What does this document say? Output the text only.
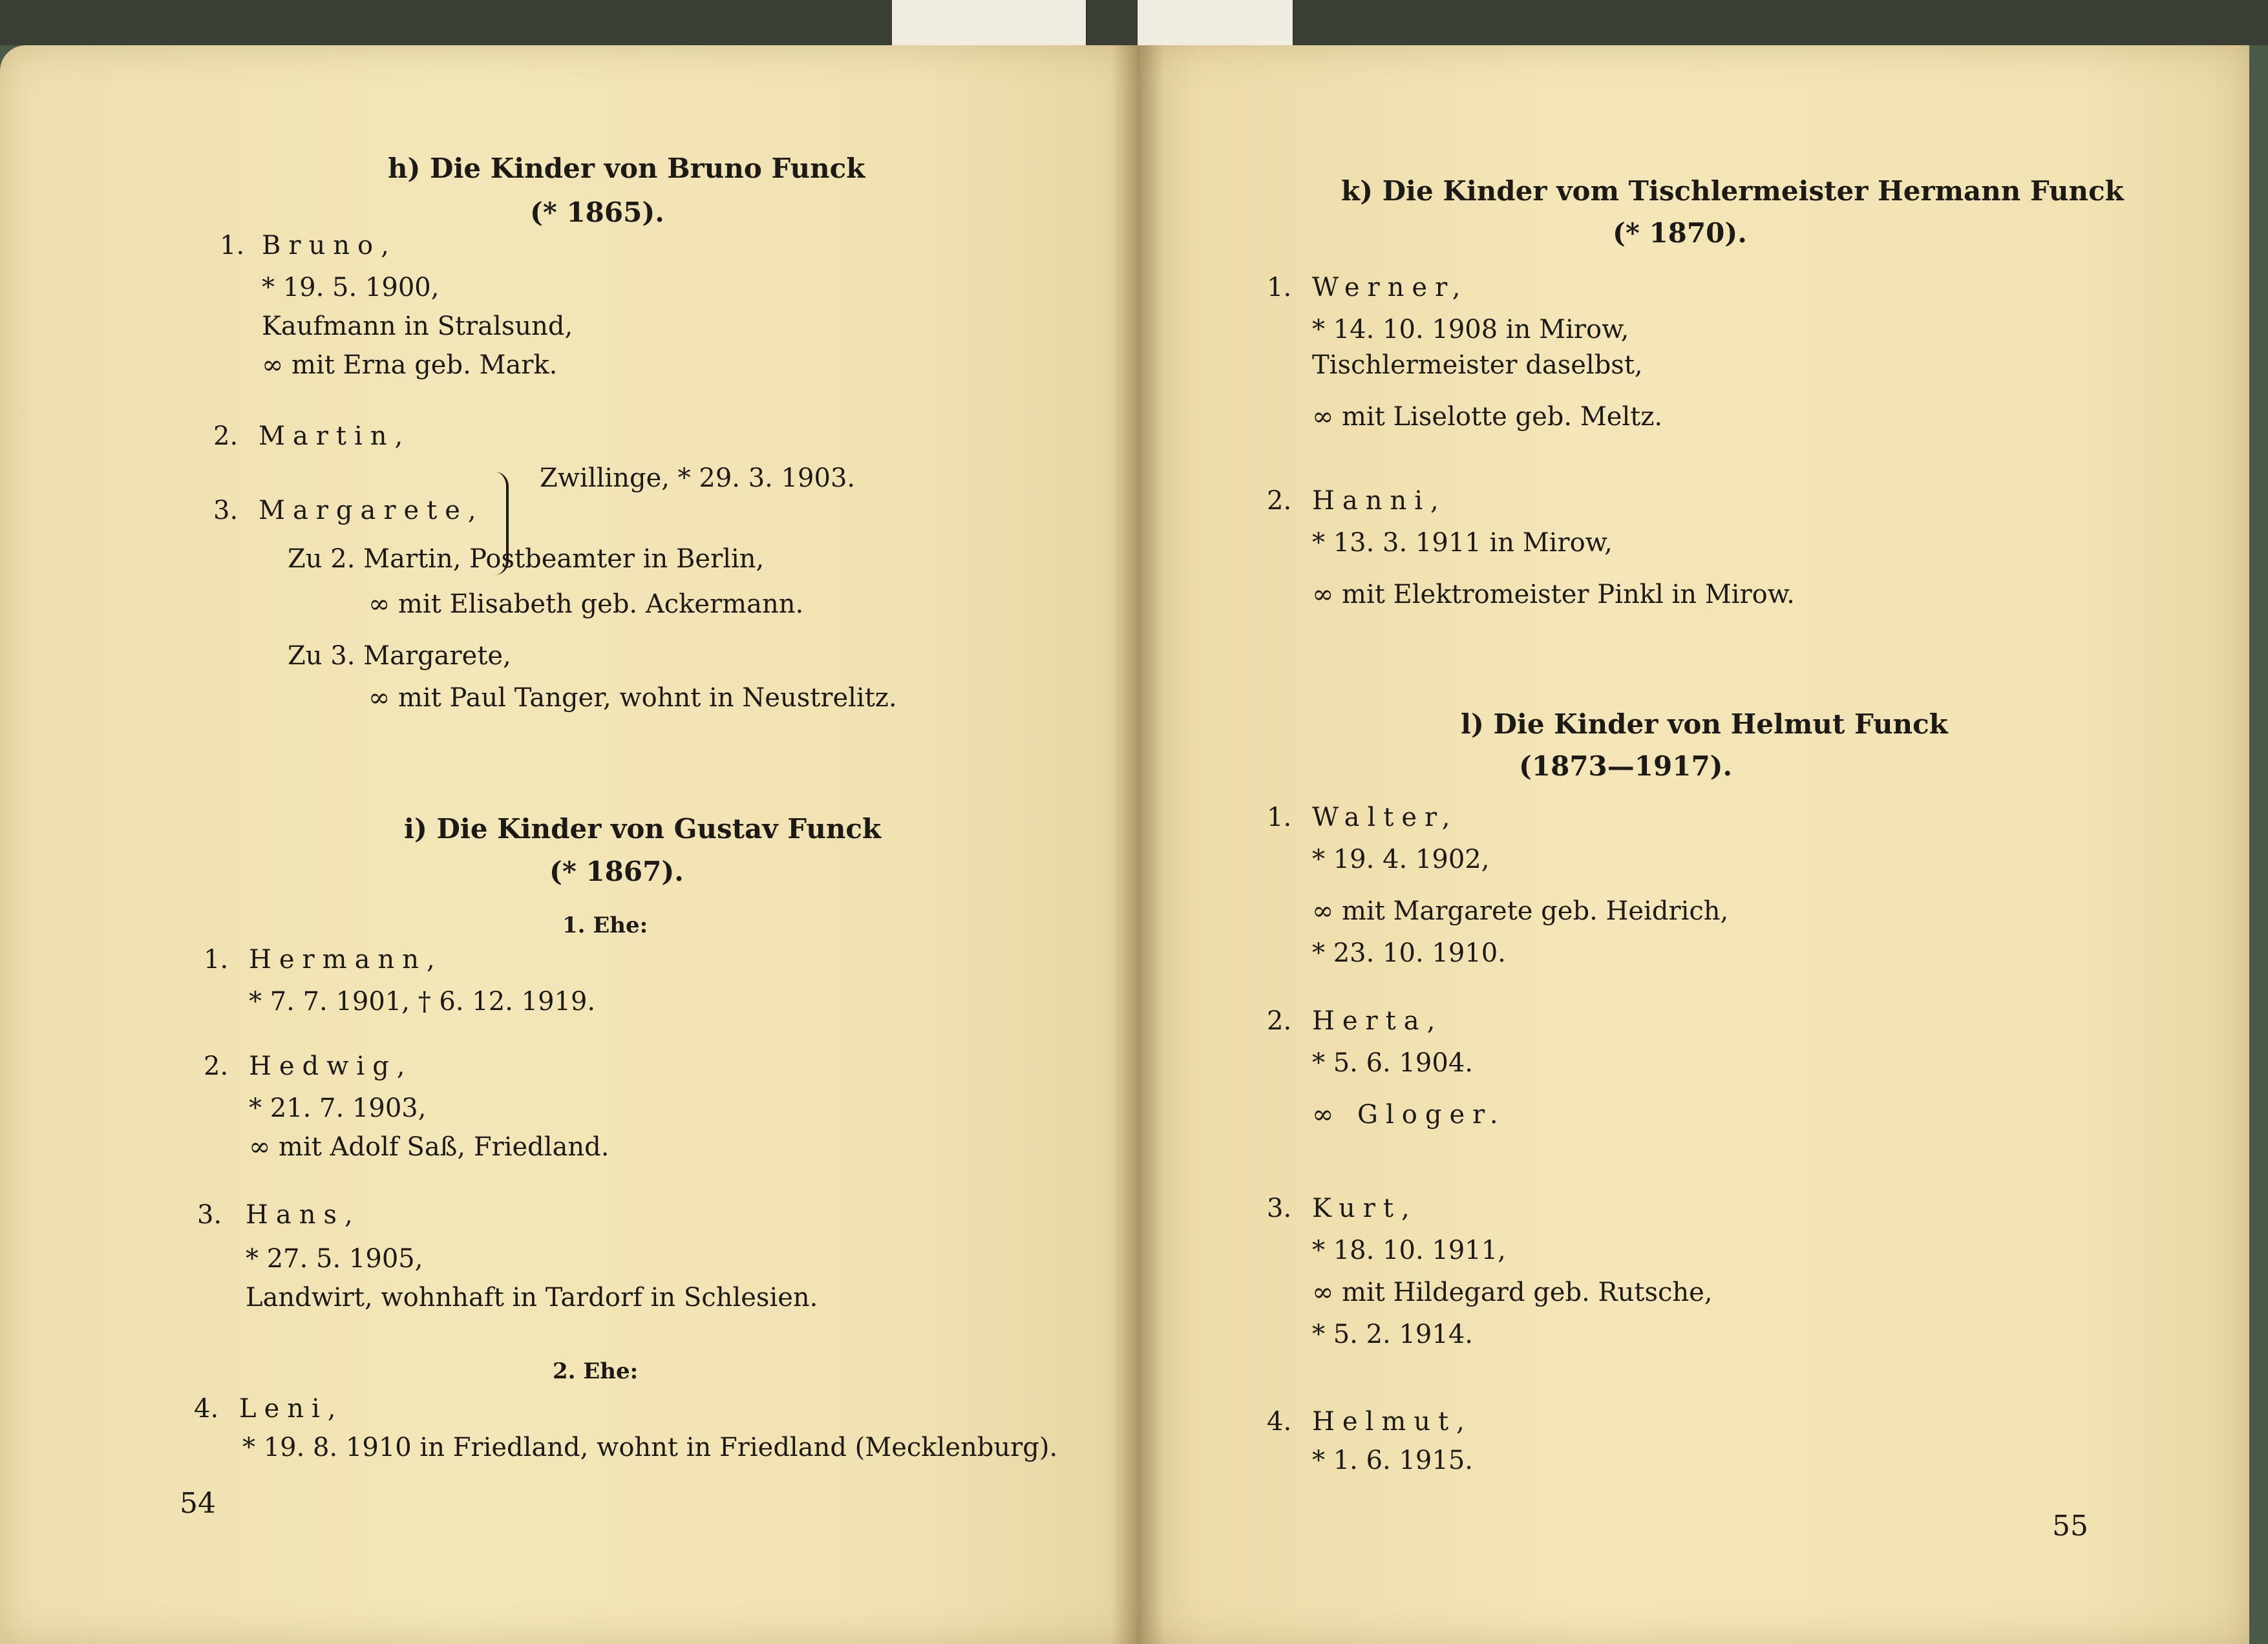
h) Die Kinder von Bruno Funck
(* 1865).
1. Bruno,
* 19. 5. 1900,
Kaufmann in Stralsund,
∞ mit Erna geb. Mark.
2. Martin,
Zwillinge, * 29. 3. 1903.
3. Margarete,
Zu 2. Martin, Postbeamter in Berlin,
∞ mit Elisabeth geb. Ackermann.
Zu 3. Margarete,
∞ mit Paul Tanger, wohnt in Neustrelitz.
i) Die Kinder von Gustav Funck
(* 1867).
1. Ehe:
1. Hermann,
* 7. 7. 1901, † 6. 12. 1919.
2. Hedwig,
* 21. 7. 1903,
∞ mit Adolf Saß, Friedland.
3. Hans,
* 27. 5. 1905,
Landwirt, wohnhaft in Tardorf in Schlesien.
2. Ehe:
4. Leni,
* 19. 8. 1910 in Friedland, wohnt in Friedland (Mecklenburg).
54
k) Die Kinder vom Tischlermeister Hermann Funck
(* 1870).
1. Werner,
* 14. 10. 1908 in Mirow,
Tischlermeister daselbst,
∞ mit Liselotte geb. Meltz.
2. Hanni,
* 13. 3. 1911 in Mirow,
∞ mit Elektromeister Pinkl in Mirow.
l) Die Kinder von Helmut Funck
(1873—1917).
1. Walter,
* 19. 4. 1902,
∞ mit Margarete geb. Heidrich,
* 23. 10. 1910.
2. Herta,
* 5. 6. 1904.
∞ Gloger.
3. Kurt,
* 18. 10. 1911,
∞ mit Hildegard geb. Rutsche,
* 5. 2. 1914.
4. Helmut,
* 1. 6. 1915.
55
